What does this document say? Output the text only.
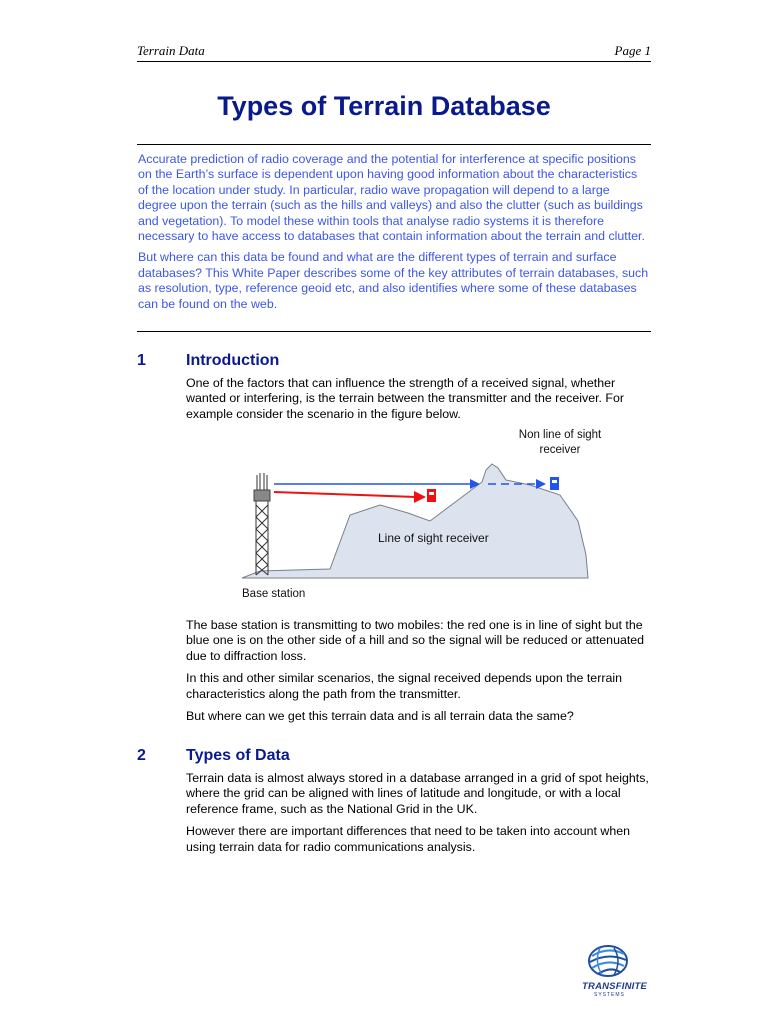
Terrain Data	Page 1
Types of Terrain Database

Accurate prediction of radio coverage and the potential for interference at specific positions on the Earth’s surface is dependent upon having good information about the characteristics of the location under study. In particular, radio wave propagation will depend to a large degree upon the terrain (such as the hills and valleys) and also the clutter (such as buildings and vegetation). To model these within tools that analyse radio systems it is therefore necessary to have access to databases that contain information about the terrain and clutter.

But where can this data be found and what are the different types of terrain and surface databases? This White Paper describes some of the key attributes of terrain databases, such as resolution, type, reference geoid etc, and also identifies where some of these databases can be found on the web.

1	Introduction

One of the factors that can influence the strength of a received signal, whether wanted or interfering, is the terrain between the transmitter and the receiver. For example consider the scenario in the figure below.

Non line of sight
receiver
Line of sight receiver
Base station

The base station is transmitting to two mobiles: the red one is in line of sight but the blue one is on the other side of a hill and so the signal will be reduced or attenuated due to diffraction loss.

In this and other similar scenarios, the signal received depends upon the terrain characteristics along the path from the transmitter.

But where can we get this terrain data and is all terrain data the same?

2	Types of Data

Terrain data is almost always stored in a database arranged in a grid of spot heights, where the grid can be aligned with lines of latitude and longitude, or with a local reference frame, such as the National Grid in the UK.

However there are important differences that need to be taken into account when using terrain data for radio communications analysis.

TRANSFINITE
SYSTEMS
